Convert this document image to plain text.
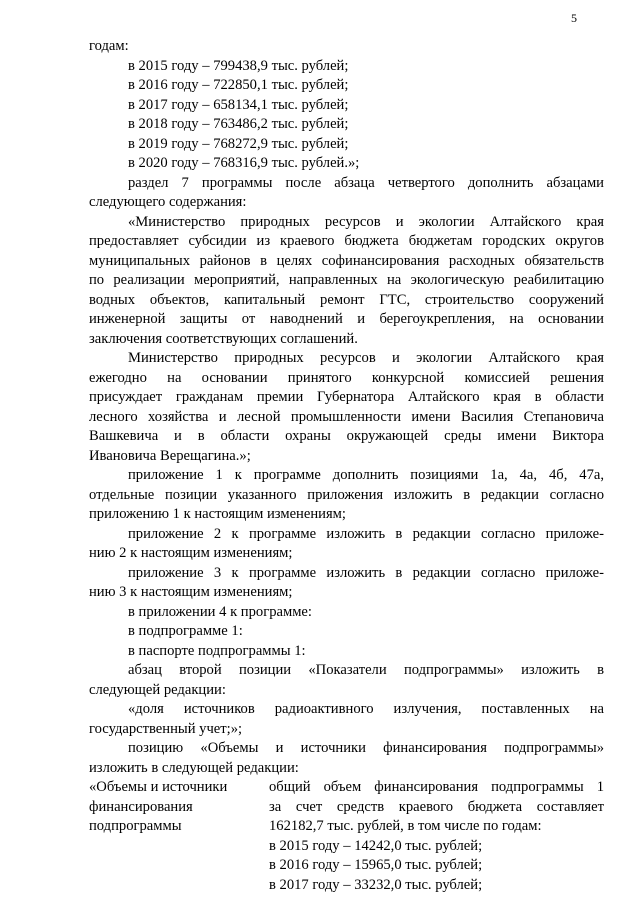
5
годам:
в 2015 году – 799438,9 тыс. рублей;
в 2016 году – 722850,1 тыс. рублей;
в 2017 году – 658134,1 тыс. рублей;
в 2018 году – 763486,2 тыс. рублей;
в 2019 году – 768272,9 тыс. рублей;
в 2020 году – 768316,9 тыс. рублей.»;
раздел 7 программы после абзаца четвертого дополнить абзацами
следующего содержания:
«Министерство природных ресурсов и экологии Алтайского края
предоставляет субсидии из краевого бюджета бюджетам городских округов
муниципальных районов в целях софинансирования расходных обязательств
по реализации мероприятий, направленных на экологическую реабилитацию
водных объектов, капитальный ремонт ГТС, строительство сооружений
инженерной защиты от наводнений и берегоукрепления, на основании
заключения соответствующих соглашений.
Министерство природных ресурсов и экологии Алтайского края
ежегодно на основании принятого конкурсной комиссией решения
присуждает гражданам премии Губернатора Алтайского края в области
лесного хозяйства и лесной промышленности имени Василия Степановича
Вашкевича и в области охраны окружающей среды имени Виктора
Ивановича Верещагина.»;
приложение 1 к программе дополнить позициями 1а, 4а, 4б, 47а,
отдельные позиции указанного приложения изложить в редакции согласно
приложению 1 к настоящим изменениям;
приложение 2 к программе изложить в редакции согласно приложе-
нию 2 к настоящим изменениям;
приложение 3 к программе изложить в редакции согласно приложе-
нию 3 к настоящим изменениям;
в приложении 4 к программе:
в подпрограмме 1:
в паспорте подпрограммы 1:
абзац второй позиции «Показатели подпрограммы» изложить в
следующей редакции:
«доля источников радиоактивного излучения, поставленных на
государственный учет;»;
позицию «Объемы и источники финансирования подпрограммы»
изложить в следующей редакции:
«Объемы и источники
финансирования
подпрограммы
общий объем финансирования подпрограммы 1
за счет средств краевого бюджета составляет
162182,7 тыс. рублей, в том числе по годам:
в 2015 году – 14242,0 тыс. рублей;
в 2016 году – 15965,0 тыс. рублей;
в 2017 году – 33232,0 тыс. рублей;
